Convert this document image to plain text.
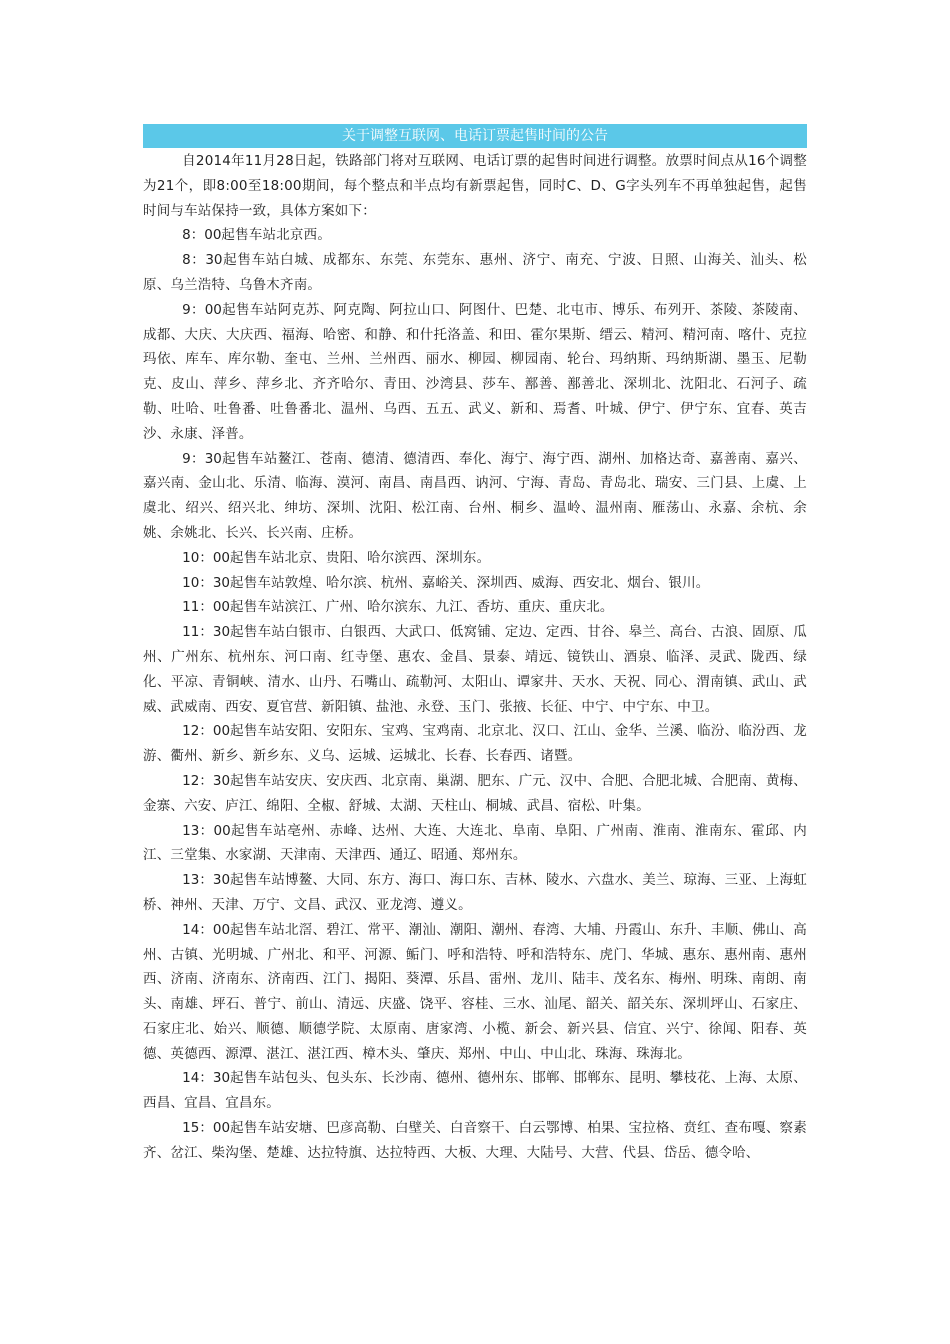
关于调整互联网、电话订票起售时间的公告

自2014年11月28日起，铁路部门将对互联网、电话订票的起售时间进行调整。放票时间点从16个调整为21个，即8:00至18:00期间，每个整点和半点均有新票起售，同时C、D、G字头列车不再单独起售，起售时间与车站保持一致，具体方案如下：

8：00起售车站北京西。

8：30起售车站白城、成都东、东莞、东莞东、惠州、济宁、南充、宁波、日照、山海关、汕头、松原、乌兰浩特、乌鲁木齐南。

9：00起售车站阿克苏、阿克陶、阿拉山口、阿图什、巴楚、北屯市、博乐、布列开、茶陵、茶陵南、成都、大庆、大庆西、福海、哈密、和静、和什托洛盖、和田、霍尔果斯、缙云、精河、精河南、喀什、克拉玛依、库车、库尔勒、奎屯、兰州、兰州西、丽水、柳园、柳园南、轮台、玛纳斯、玛纳斯湖、墨玉、尼勒克、皮山、萍乡、萍乡北、齐齐哈尔、青田、沙湾县、莎车、鄯善、鄯善北、深圳北、沈阳北、石河子、疏勒、吐哈、吐鲁番、吐鲁番北、温州、乌西、五五、武义、新和、焉耆、叶城、伊宁、伊宁东、宜春、英吉沙、永康、泽普。

9：30起售车站鳌江、苍南、德清、德清西、奉化、海宁、海宁西、湖州、加格达奇、嘉善南、嘉兴、嘉兴南、金山北、乐清、临海、漠河、南昌、南昌西、讷河、宁海、青岛、青岛北、瑞安、三门县、上虞、上虞北、绍兴、绍兴北、绅坊、深圳、沈阳、松江南、台州、桐乡、温岭、温州南、雁荡山、永嘉、余杭、余姚、余姚北、长兴、长兴南、庄桥。

10：00起售车站北京、贵阳、哈尔滨西、深圳东。

10：30起售车站敦煌、哈尔滨、杭州、嘉峪关、深圳西、威海、西安北、烟台、银川。

11：00起售车站滨江、广州、哈尔滨东、九江、香坊、重庆、重庆北。

11：30起售车站白银市、白银西、大武口、低窝铺、定边、定西、甘谷、皋兰、高台、古浪、固原、瓜州、广州东、杭州东、河口南、红寺堡、惠农、金昌、景泰、靖远、镜铁山、酒泉、临泽、灵武、陇西、绿化、平凉、青铜峡、清水、山丹、石嘴山、疏勒河、太阳山、谭家井、天水、天祝、同心、渭南镇、武山、武威、武威南、西安、夏官营、新阳镇、盐池、永登、玉门、张掖、长征、中宁、中宁东、中卫。

12：00起售车站安阳、安阳东、宝鸡、宝鸡南、北京北、汉口、江山、金华、兰溪、临汾、临汾西、龙游、衢州、新乡、新乡东、义乌、运城、运城北、长春、长春西、诸暨。

12：30起售车站安庆、安庆西、北京南、巢湖、肥东、广元、汉中、合肥、合肥北城、合肥南、黄梅、金寨、六安、庐江、绵阳、全椒、舒城、太湖、天柱山、桐城、武昌、宿松、叶集。

13：00起售车站亳州、赤峰、达州、大连、大连北、阜南、阜阳、广州南、淮南、淮南东、霍邱、内江、三堂集、水家湖、天津南、天津西、通辽、昭通、郑州东。

13：30起售车站博鳌、大同、东方、海口、海口东、吉林、陵水、六盘水、美兰、琼海、三亚、上海虹桥、神州、天津、万宁、文昌、武汉、亚龙湾、遵义。

14：00起售车站北滘、碧江、常平、潮汕、潮阳、潮州、春湾、大埔、丹霞山、东升、丰顺、佛山、高州、古镇、光明城、广州北、和平、河源、鲘门、呼和浩特、呼和浩特东、虎门、华城、惠东、惠州南、惠州西、济南、济南东、济南西、江门、揭阳、葵潭、乐昌、雷州、龙川、陆丰、茂名东、梅州、明珠、南朗、南头、南雄、坪石、普宁、前山、清远、庆盛、饶平、容桂、三水、汕尾、韶关、韶关东、深圳坪山、石家庄、石家庄北、始兴、顺德、顺德学院、太原南、唐家湾、小榄、新会、新兴县、信宜、兴宁、徐闻、阳春、英德、英德西、源潭、湛江、湛江西、樟木头、肇庆、郑州、中山、中山北、珠海、珠海北。

14：30起售车站包头、包头东、长沙南、德州、德州东、邯郸、邯郸东、昆明、攀枝花、上海、太原、西昌、宜昌、宜昌东。

15：00起售车站安塘、巴彦高勒、白壁关、白音察干、白云鄂博、柏果、宝拉格、贲红、查布嘎、察素齐、岔江、柴沟堡、楚雄、达拉特旗、达拉特西、大板、大理、大陆号、大营、代县、岱岳、德令哈、
